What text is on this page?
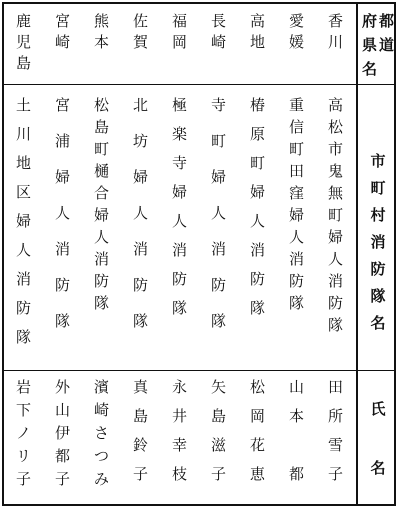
都
道
府
県
名
市
町
村
消
防
隊
名
氏
名
香
川
愛
媛
高
地
長
崎
福
岡
佐
賀
熊
本
宮
崎
鹿
児
島
高
松
市
鬼
無
町
婦
人
消
防
隊
重
信
町
田
窪
婦
人
消
防
隊
椿
原
町
婦
人
消
防
隊
寺
町
婦
人
消
防
隊
極
楽
寺
婦
人
消
防
隊
北
坊
婦
人
消
防
隊
松
島
町
樋
合
婦
人
消
防
隊
宮
浦
婦
人
消
防
隊
土
川
地
区
婦
人
消
防
隊
田
所
雪
子
山
本

都
松
岡
花
恵
矢
島
滋
子
永
井
幸
枝
真
島
鈴
子
濱
崎
さ
つ
み
外
山
伊
都
子
岩
下
ノ
リ
子
